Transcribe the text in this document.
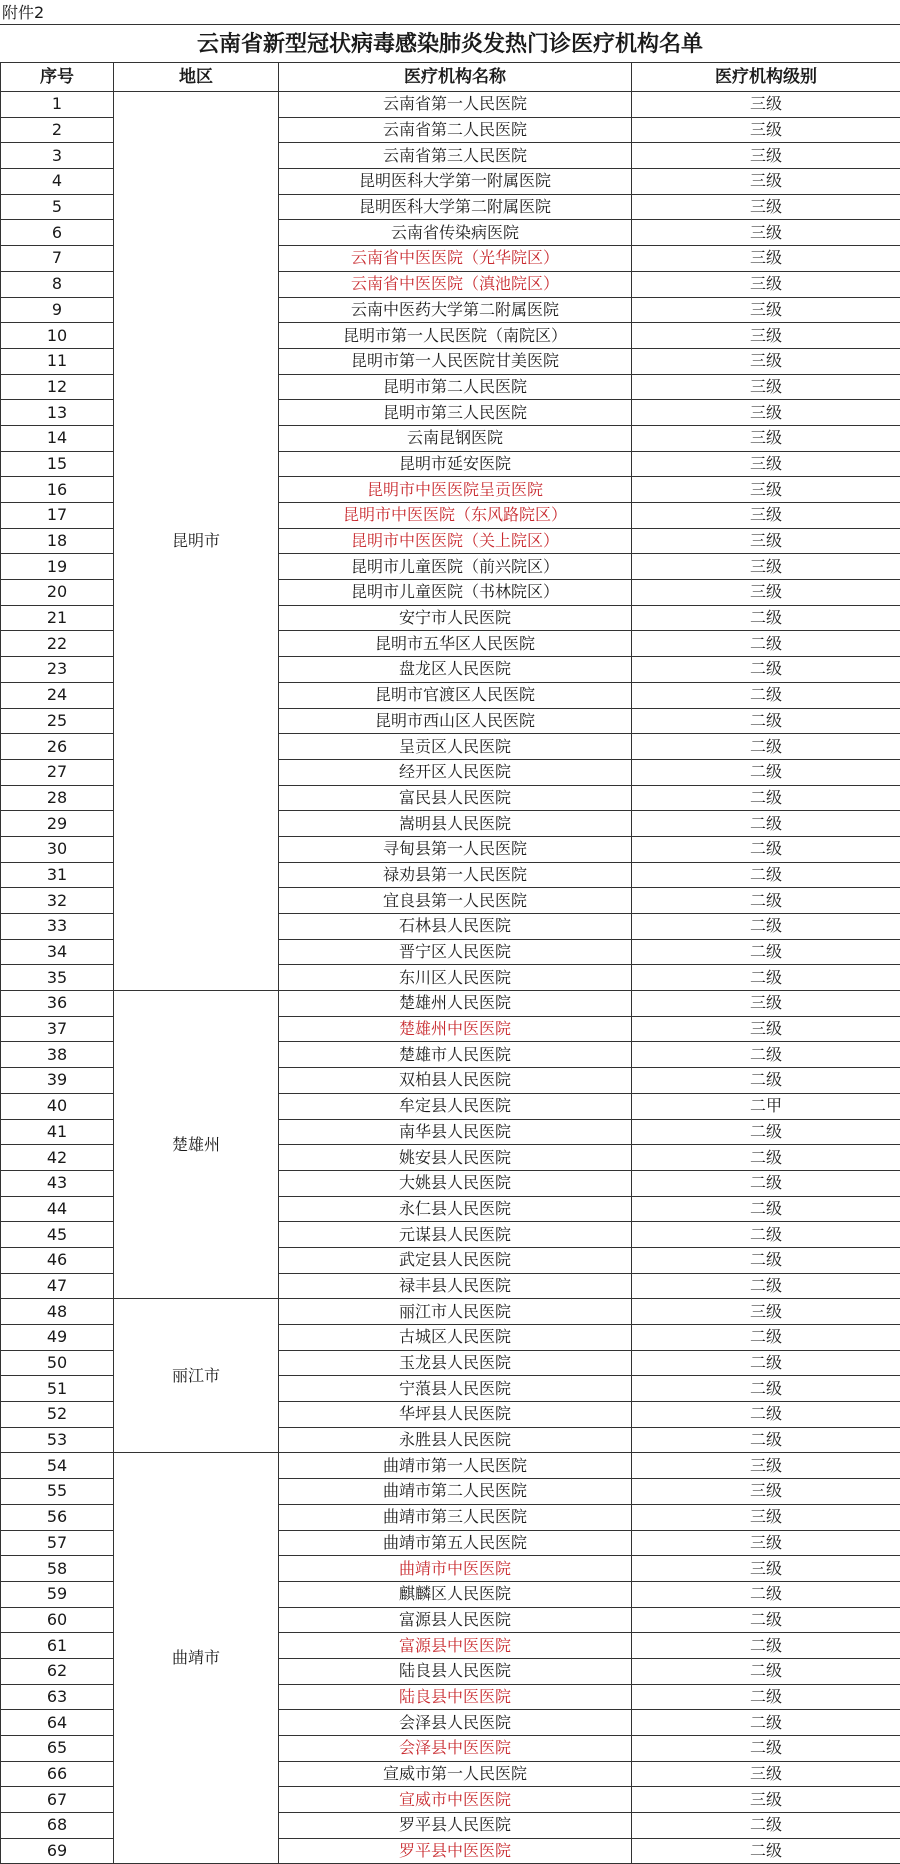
附件2
云南省新型冠状病毒感染肺炎发热门诊医疗机构名单
序号	地区	医疗机构名称	医疗机构级别
1	昆明市	云南省第一人民医院	三级
2		云南省第二人民医院	三级
3		云南省第三人民医院	三级
4		昆明医科大学第一附属医院	三级
5		昆明医科大学第二附属医院	三级
6		云南省传染病医院	三级
7		云南省中医医院（光华院区）	三级
8		云南省中医医院（滇池院区）	三级
9		云南中医药大学第二附属医院	三级
10		昆明市第一人民医院（南院区）	三级
11		昆明市第一人民医院甘美医院	三级
12		昆明市第二人民医院	三级
13		昆明市第三人民医院	三级
14		云南昆钢医院	三级
15		昆明市延安医院	三级
16		昆明市中医医院呈贡医院	三级
17		昆明市中医医院（东风路院区）	三级
18		昆明市中医医院（关上院区）	三级
19		昆明市儿童医院（前兴院区）	三级
20		昆明市儿童医院（书林院区）	三级
21		安宁市人民医院	二级
22		昆明市五华区人民医院	二级
23		盘龙区人民医院	二级
24		昆明市官渡区人民医院	二级
25		昆明市西山区人民医院	二级
26		呈贡区人民医院	二级
27		经开区人民医院	二级
28		富民县人民医院	二级
29		嵩明县人民医院	二级
30		寻甸县第一人民医院	二级
31		禄劝县第一人民医院	二级
32		宜良县第一人民医院	二级
33		石林县人民医院	二级
34		晋宁区人民医院	二级
35		东川区人民医院	二级
36	楚雄州	楚雄州人民医院	三级
37		楚雄州中医医院	三级
38		楚雄市人民医院	二级
39		双柏县人民医院	二级
40		牟定县人民医院	二甲
41		南华县人民医院	二级
42		姚安县人民医院	二级
43		大姚县人民医院	二级
44		永仁县人民医院	二级
45		元谋县人民医院	二级
46		武定县人民医院	二级
47		禄丰县人民医院	二级
48	丽江市	丽江市人民医院	三级
49		古城区人民医院	二级
50		玉龙县人民医院	二级
51		宁蒗县人民医院	二级
52		华坪县人民医院	二级
53		永胜县人民医院	二级
54	曲靖市	曲靖市第一人民医院	三级
55		曲靖市第二人民医院	三级
56		曲靖市第三人民医院	三级
57		曲靖市第五人民医院	三级
58		曲靖市中医医院	三级
59		麒麟区人民医院	二级
60		富源县人民医院	二级
61		富源县中医医院	二级
62		陆良县人民医院	二级
63		陆良县中医医院	二级
64		会泽县人民医院	二级
65		会泽县中医医院	二级
66		宣威市第一人民医院	三级
67		宣威市中医医院	三级
68		罗平县人民医院	二级
69		罗平县中医医院	二级
